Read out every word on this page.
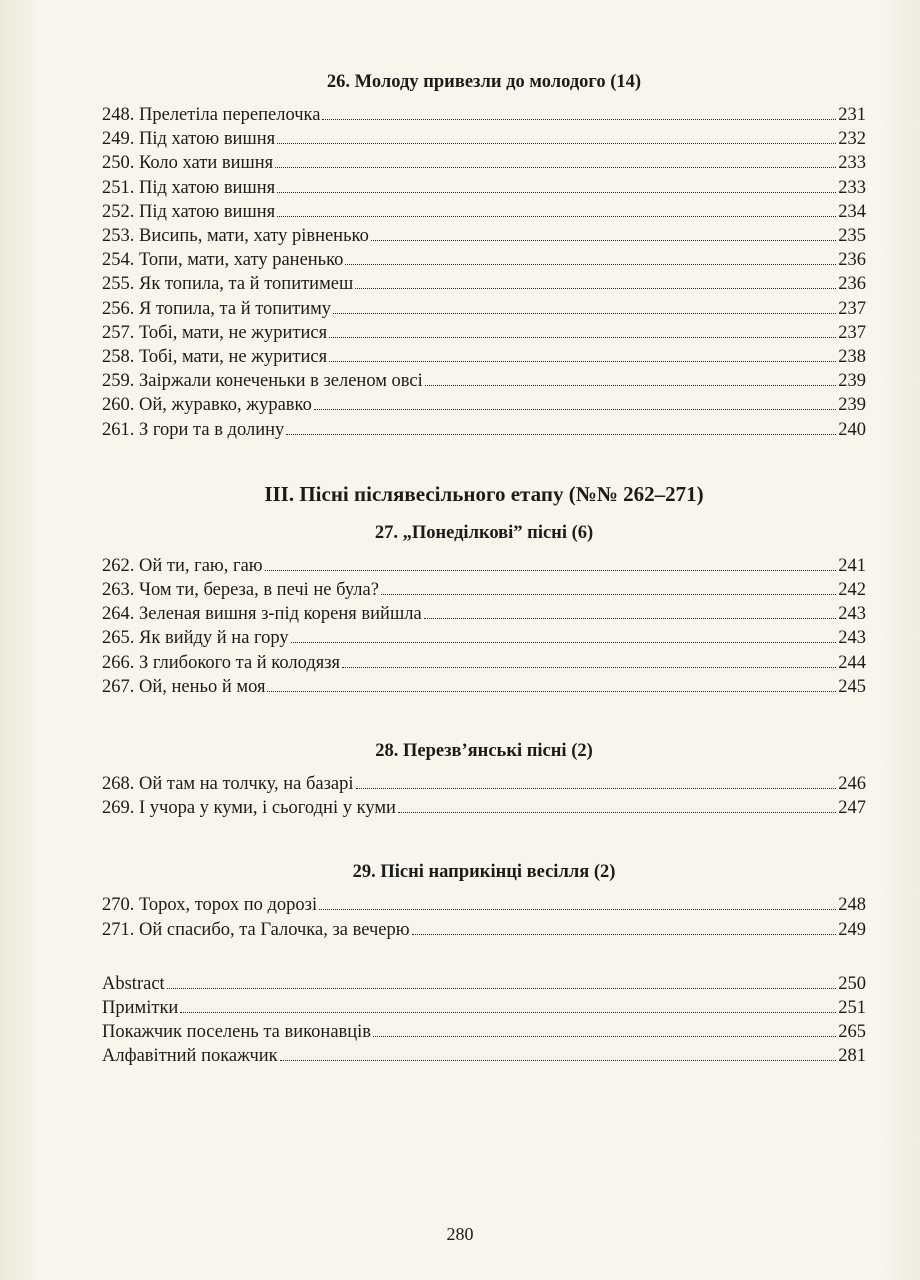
26. Молоду привезли до молодого (14)
248. Прелетіла перепелочка	231
249. Під хатою вишня	232
250. Коло хати вишня	233
251. Під хатою вишня	233
252. Під хатою вишня	234
253. Висипь, мати, хату рівненько	235
254. Топи, мати, хату раненько	236
255. Як топила, та й топитимеш	236
256. Я топила, та й топитиму	237
257. Тобі, мати, не журитися	237
258. Тобі, мати, не журитися	238
259. Заіржали конеченьки в зеленом овсі	239
260. Ой, журавко, журавко	239
261. З гори та в долину	240
ІІІ. Пісні післявесільного етапу (№№ 262–271)
27. „Понеділкові” пісні (6)
262. Ой ти, гаю, гаю	241
263. Чом ти, береза, в печі не була?	242
264. Зеленая вишня з-під кореня вийшла	243
265. Як вийду й на гору	243
266. З глибокого та й колодязя	244
267. Ой, неньо й моя	245
28. Перезв’янські пісні (2)
268. Ой там на толчку, на базарі	246
269. І учора у куми, і сьогодні у куми	247
29. Пісні наприкінці весілля (2)
270. Торох, торох по дорозі	248
271. Ой спасибо, та Галочка, за вечерю	249
Abstract	250
Примітки	251
Покажчик поселень та виконавців	265
Алфавітний покажчик	281
280
